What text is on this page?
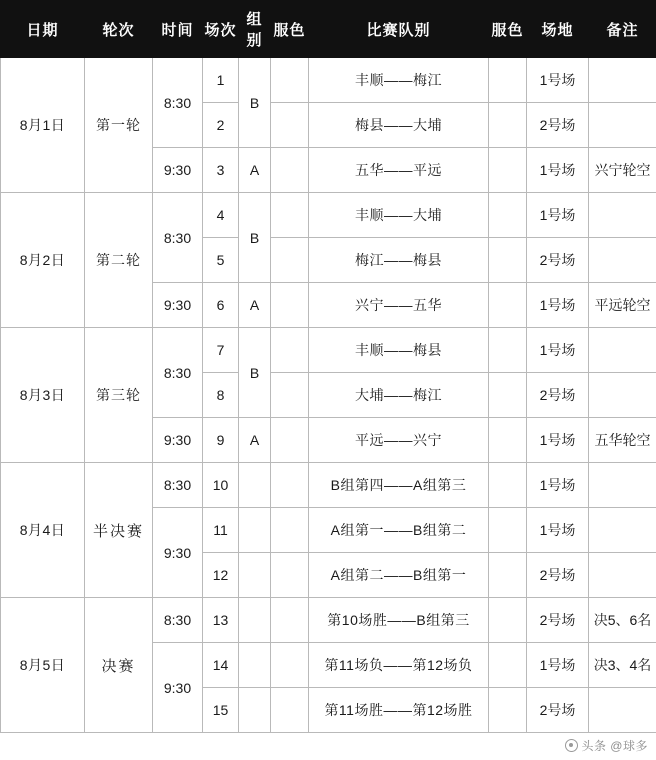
日期	轮次	时间	场次	组别	服色	比赛队别	服色	场地	备注
8月1日	第一轮	8:30	1	B		丰顺——梅江		1号场	
			2			梅县——大埔		2号场	
		9:30	3	A		五华——平远		1号场	兴宁轮空
8月2日	第二轮	8:30	4	B		丰顺——大埔		1号场	
			5			梅江——梅县		2号场	
		9:30	6	A		兴宁——五华		1号场	平远轮空
8月3日	第三轮	8:30	7	B		丰顺——梅县		1号场	
			8			大埔——梅江		2号场	
		9:30	9	A		平远——兴宁		1号场	五华轮空
8月4日	半决赛	8:30	10			B组第四——A组第三		1号场	
		9:30	11			A组第一——B组第二		1号场	
			12			A组第二——B组第一		2号场	
8月5日	决赛	8:30	13			第10场胜——B组第三		2号场	决5、6名
		9:30	14			第11场负——第12场负		1号场	决3、4名
			15			第11场胜——第12场胜		2号场	
头条 @球多
